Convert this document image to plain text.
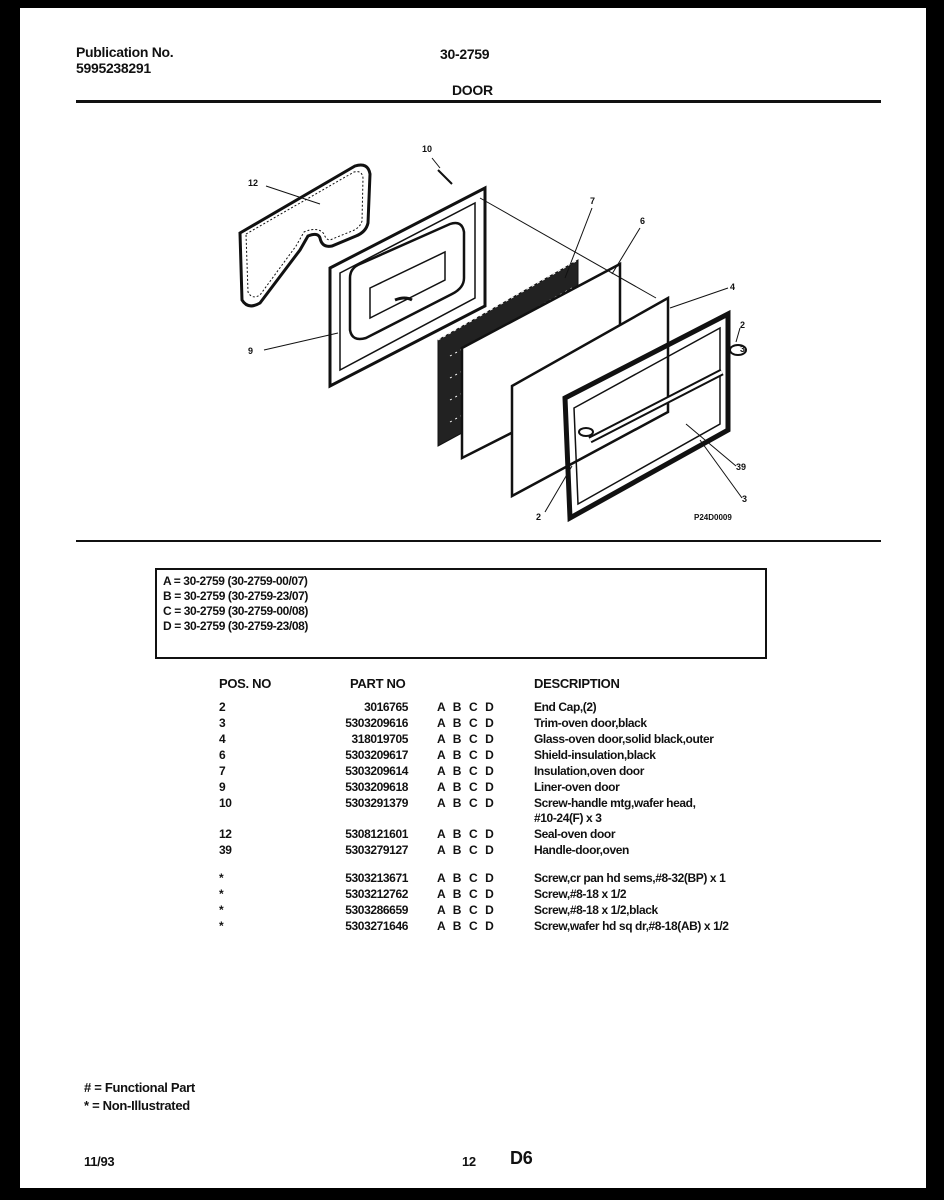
Publication No.
5995238291
30-2759
DOOR
12
10
7
6
4
2
3
9
39
3
2	P24D0009
A = 30-2759 (30-2759-00/07)
B = 30-2759 (30-2759-23/07)
C = 30-2759 (30-2759-00/08)
D = 30-2759 (30-2759-23/08)
POS. NO	PART NO	DESCRIPTION
2	3016765 A B C D	End Cap,(2)
3	5303209616 A B C D	Trim-oven door,black
4	318019705 A B C D	Glass-oven door,solid black,outer
6	5303209617 A B C D	Shield-insulation,black
7	5303209614 A B C D	Insulation,oven door
9	5303209618 A B C D	Liner-oven door
10	5303291379 A B C D	Screw-handle mtg,wafer head,
#10-24(F) x 3
12	5308121601 A B C D	Seal-oven door
39	5303279127 A B C D	Handle-door,oven
*	5303213671 A B C D	Screw,cr pan hd sems,#8-32(BP) x 1
*	5303212762 A B C D	Screw,#8-18 x 1/2
*	5303286659 A B C D	Screw,#8-18 x 1/2,black
*	5303271646 A B C D	Screw,wafer hd sq dr,#8-18(AB) x 1/2
# = Functional Part
* = Non-Illustrated
11/93	12 D6
